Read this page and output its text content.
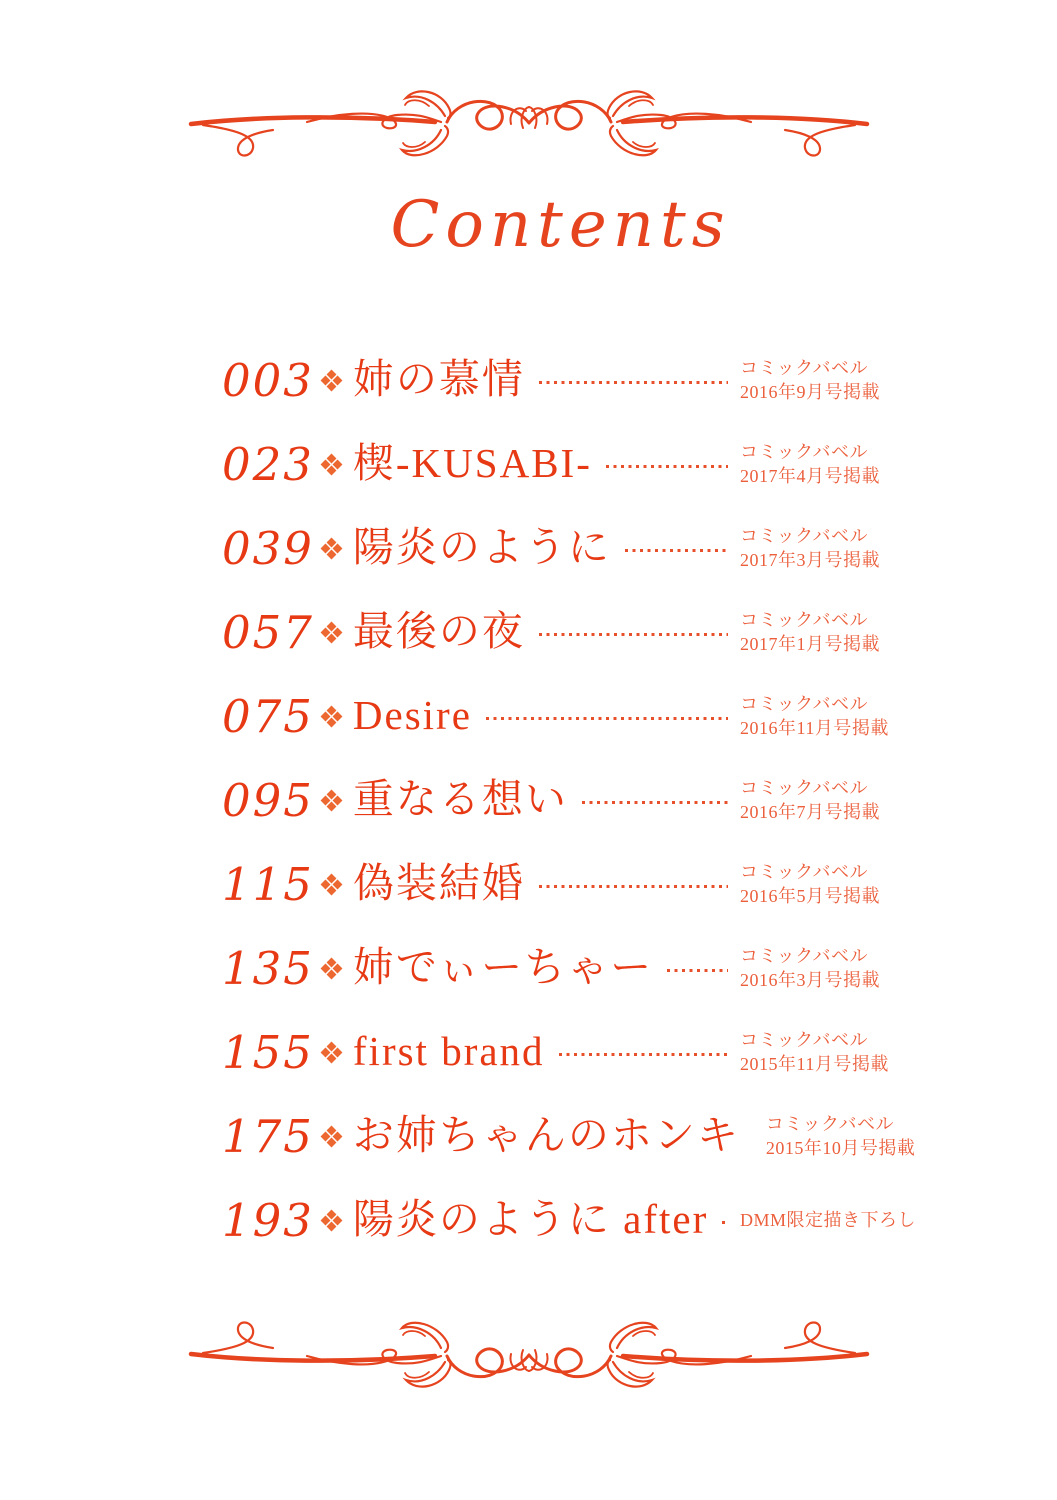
Contents
003 姉の慕情	コミックバベル
2016年9月号掲載
023 楔-KUSABI-	コミックバベル
2017年4月号掲載
039 陽炎のように	コミックバベル
2017年3月号掲載
057 最後の夜	コミックバベル
2017年1月号掲載
075 Desire	コミックバベル
2016年11月号掲載
095 重なる想い	コミックバベル
2016年7月号掲載
115 偽装結婚	コミックバベル
2016年5月号掲載
135 姉でぃーちゃー	コミックバベル
2016年3月号掲載
155 first brand	コミックバベル
2015年11月号掲載
175 お姉ちゃんのホンキ コミックバベル
2015年10月号掲載
193 陽炎のように after DMM限定描き下ろし
